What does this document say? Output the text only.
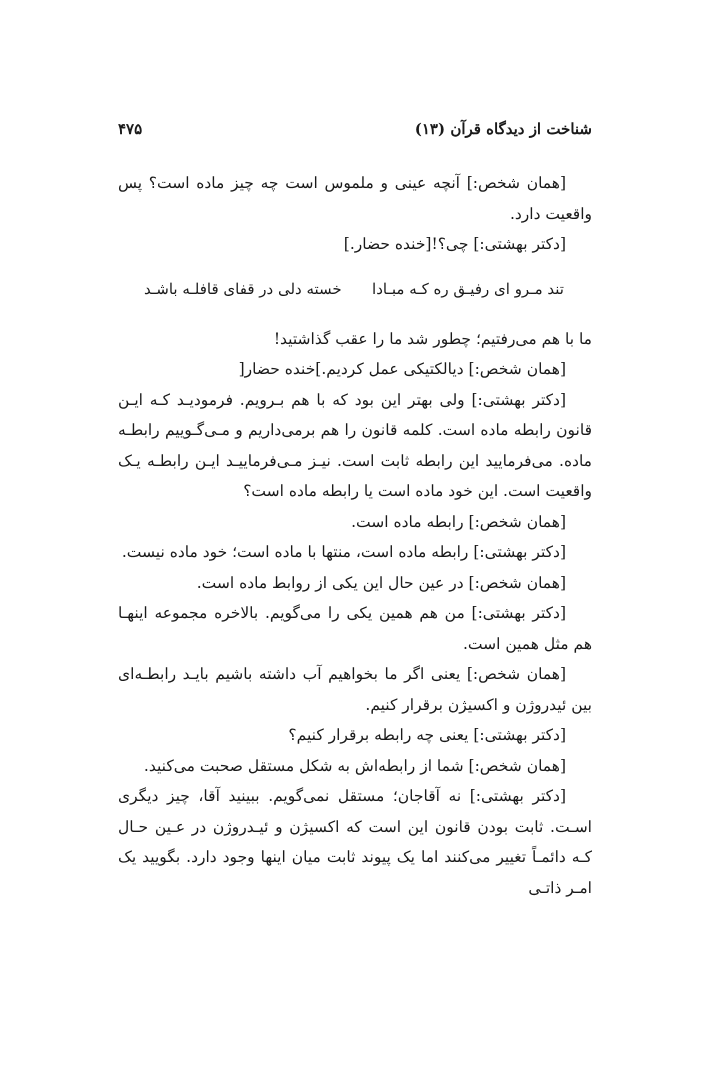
شناخت از دیدگاه قرآن (۱۳)
۴۷۵

[همان شخص:] آنچه عینی و ملموس است چه چیز ماده است؟ پس واقعیت دارد.

[دکتر بهشتی:] چی؟![خنده حضار.]

تند مـرو ای رفیـق ره کـه مبـادا
خسته دلی در قفای قافلـه باشـد

ما با هم می‌رفتیم؛ چطور شد ما را عقب گذاشتید!

[همان شخص:] دیالکتیکی عمل کردیم.]خنده حضار[

[دکتر بهشتی:] ولی بهتر این بود که با هم بـرویم. فرمودیـد کـه ایـن قانون رابطه ماده است. کلمه قانون را هم برمی‌داریم و مـی‌گـوییم رابطـه ماده. می‌فرمایید این رابطه ثابت است. نیـز مـی‌فرماییـد ایـن رابطـه یـک واقعیت است. این خود ماده است یا رابطه ماده است؟

[همان شخص:] رابطه ماده است.

[دکتر بهشتی:] رابطه ماده است، منتها با ماده است؛ خود ماده نیست.

[همان شخص:] در عین حال این یکی از روابط ماده است.

[دکتر بهشتی:] من هم همین یکی را می‌گویم. بالاخره مجموعه اینهـا هم مثل همین است.

[همان شخص:] یعنی اگر ما بخواهیم آب داشته باشیم بایـد رابطـه‌ای بین ئیدروژن و اکسیژن برقرار کنیم.

[دکتر بهشتی:] یعنی چه رابطه برقرار کنیم؟

[همان شخص:] شما از رابطه‌اش به شکل مستقل صحبت می‌کنید.

[دکتر بهشتی:] نه آقاجان؛ مستقل نمی‌گویم. ببینید آقا، چیز دیگری اسـت. ثابت بودن قانون این است که اکسیژن و ئیـدروژن در عـین حـال کـه دائمـاً تغییر می‌کنند اما یک پیوند ثابت میان اینها وجود دارد. بگویید یک امـر ذاتـی
